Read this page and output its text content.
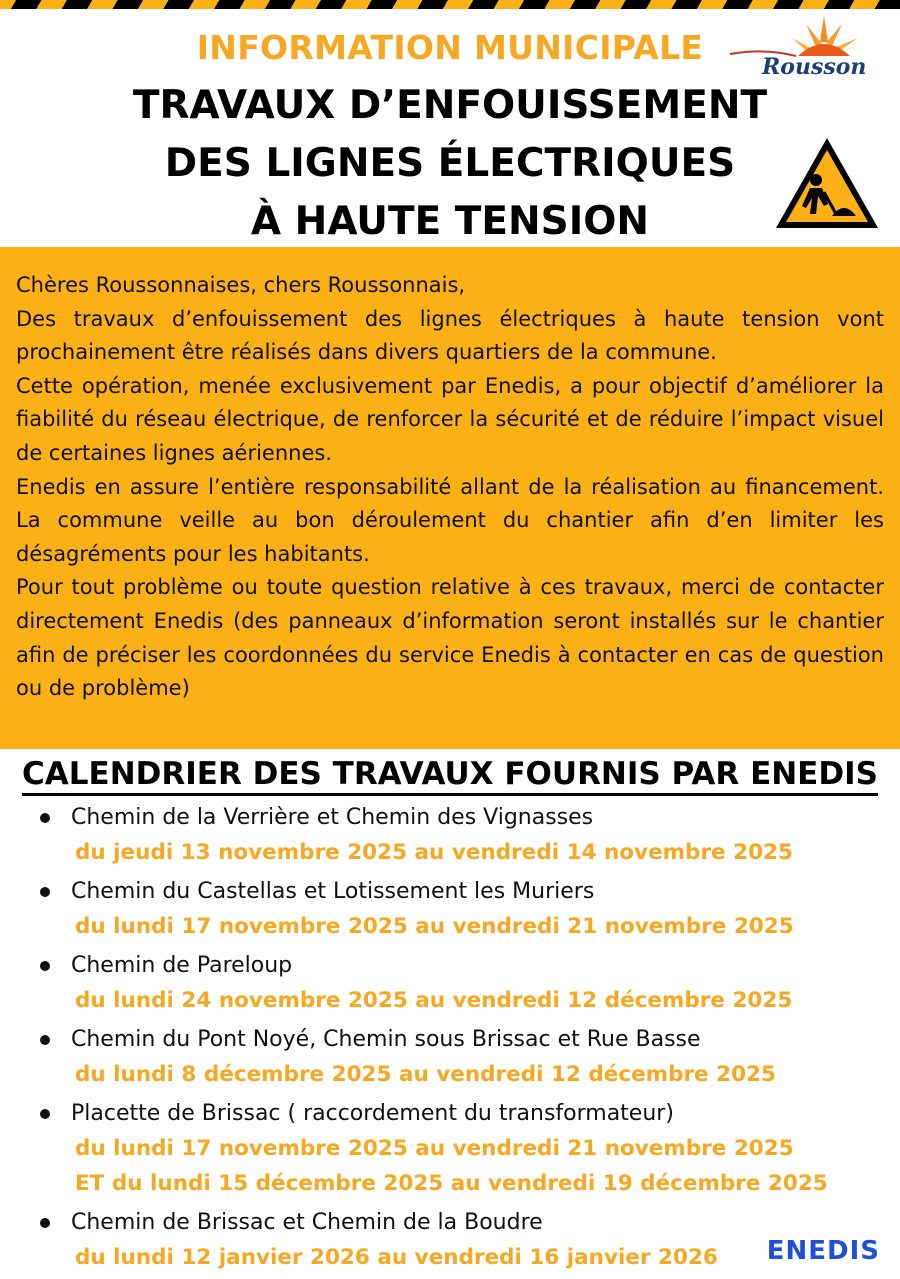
INFORMATION MUNICIPALE
TRAVAUX D’ENFOUISSEMENT
DES LIGNES ÉLECTRIQUES
À HAUTE TENSION
Rousson

Chères Roussonnaises, chers Roussonnais,

Des travaux d’enfouissement des lignes électriques à haute tension vont prochainement être réalisés dans divers quartiers de la commune.

Cette opération, menée exclusivement par Enedis, a pour objectif d’améliorer la fiabilité du réseau électrique, de renforcer la sécurité et de réduire l’impact visuel de certaines lignes aériennes.

Enedis en assure l’entière responsabilité allant de la réalisation au financement. La commune veille au bon déroulement du chantier afin d’en limiter les désagréments pour les habitants.

Pour tout problème ou toute question relative à ces travaux, merci de contacter directement Enedis (des panneaux d’information seront installés sur le chantier afin de préciser les coordonnées du service Enedis à contacter en cas de question ou de problème)

CALENDRIER DES TRAVAUX FOURNIS PAR ENEDIS
Chemin de la Verrière et Chemin des Vignasses
du jeudi 13 novembre 2025 au vendredi 14 novembre 2025
Chemin du Castellas et Lotissement les Muriers
du lundi 17 novembre 2025 au vendredi 21 novembre 2025
Chemin de Pareloup
du lundi 24 novembre 2025 au vendredi 12 décembre 2025
Chemin du Pont Noyé, Chemin sous Brissac et Rue Basse
du lundi 8 décembre 2025 au vendredi 12 décembre 2025
Placette de Brissac ( raccordement du transformateur)
du lundi 17 novembre 2025 au vendredi 21 novembre 2025
ET du lundi 15 décembre 2025 au vendredi 19 décembre 2025
Chemin de Brissac et Chemin de la Boudre
du lundi 12 janvier 2026 au vendredi 16 janvier 2026	ENEDIS
